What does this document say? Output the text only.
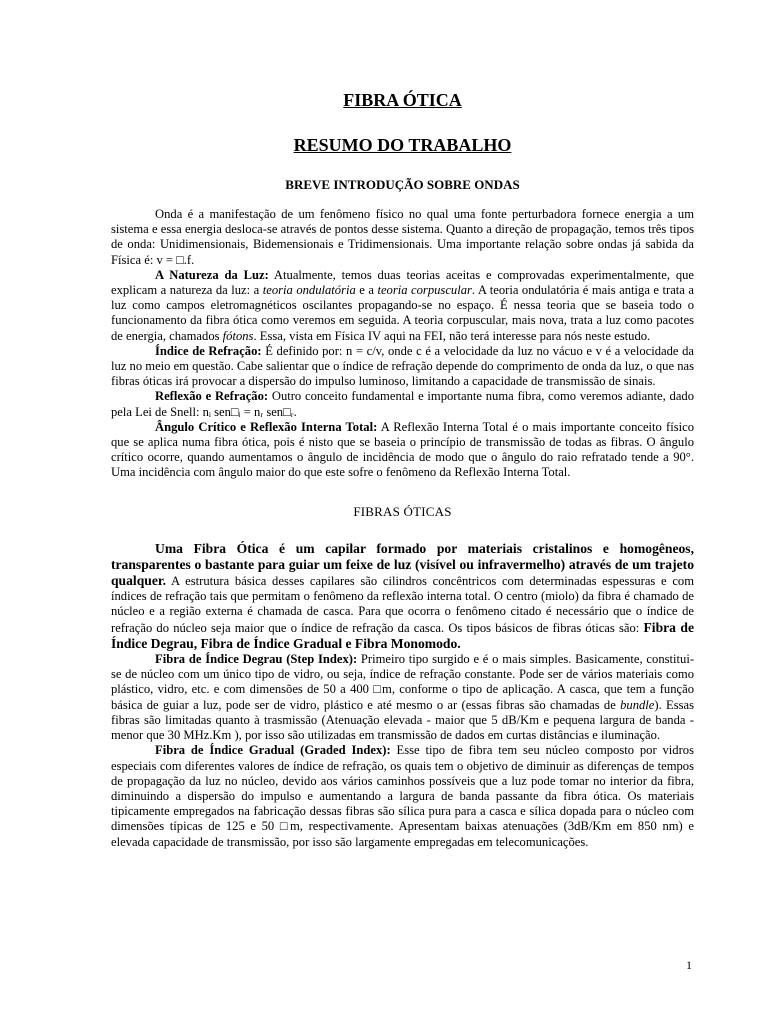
FIBRA ÓTICA
RESUMO DO TRABALHO
BREVE INTRODUÇÃO SOBRE ONDAS

Onda é a manifestação de um fenômeno físico no qual uma fonte perturbadora fornece energia a um sistema e essa energia desloca-se através de pontos desse sistema. Quanto a direção de propagação, temos três tipos de onda: Unidimensionais, Bidemensionais e Tridimensionais. Uma importante relação sobre ondas já sabida da Física é: v = □.f.

A Natureza da Luz: Atualmente, temos duas teorias aceitas e comprovadas experimentalmente, que explicam a natureza da luz: a teoria ondulatória e a teoria corpuscular. A teoria ondulatória é mais antiga e trata a luz como campos eletromagnéticos oscilantes propagando-se no espaço. É nessa teoria que se baseia todo o funcionamento da fibra ótica como veremos em seguida. A teoria corpuscular, mais nova, trata a luz como pacotes de energia, chamados fótons. Essa, vista em Física IV aqui na FEI, não terá interesse para nós neste estudo.

Índice de Refração: É definido por: n = c/v, onde c é a velocidade da luz no vácuo e v é a velocidade da luz no meio em questão. Cabe salientar que o índice de refração depende do comprimento de onda da luz, o que nas fibras óticas irá provocar a dispersão do impulso luminoso, limitando a capacidade de transmissão de sinais.

Reflexão e Refração: Outro conceito fundamental e importante numa fibra, como veremos adiante, dado pela Lei de Snell: nᵢ sen□ᵢ = nᵣ sen□ᵣ.

Ângulo Crítico e Reflexão Interna Total: A Reflexão Interna Total é o mais importante conceito físico que se aplica numa fibra ótica, pois é nisto que se baseia o princípio de transmissão de todas as fibras. O ângulo crítico ocorre, quando aumentamos o ângulo de incidência de modo que o ângulo do raio refratado tende a 90°. Uma incidência com ângulo maior do que este sofre o fenômeno da Reflexão Interna Total.

FIBRAS ÓTICAS

Uma Fibra Ótica é um capilar formado por materiais cristalinos e homogêneos, transparentes o bastante para guiar um feixe de luz (visível ou infravermelho) através de um trajeto qualquer. A estrutura básica desses capilares são cilindros concêntricos com determinadas espessuras e com índices de refração tais que permitam o fenômeno da reflexão interna total. O centro (miolo) da fibra é chamado de núcleo e a região externa é chamada de casca. Para que ocorra o fenômeno citado é necessário que o índice de refração do núcleo seja maior que o índice de refração da casca. Os tipos básicos de fibras óticas são: Fibra de Índice Degrau, Fibra de Índice Gradual e Fibra Monomodo.

Fibra de Índice Degrau (Step Index): Primeiro tipo surgido e é o mais simples. Basicamente, constitui-se de núcleo com um único tipo de vidro, ou seja, índice de refração constante. Pode ser de vários materiais como plástico, vidro, etc. e com dimensões de 50 a 400 □m, conforme o tipo de aplicação. A casca, que tem a função básica de guiar a luz, pode ser de vidro, plástico e até mesmo o ar (essas fibras são chamadas de bundle). Essas fibras são limitadas quanto à trasmissão (Atenuação elevada - maior que 5 dB/Km e pequena largura de banda - menor que 30 MHz.Km ), por isso são utilizadas em transmissão de dados em curtas distâncias e iluminação.

Fibra de Índice Gradual (Graded Index): Esse tipo de fibra tem seu núcleo composto por vidros especiais com diferentes valores de índice de refração, os quais tem o objetivo de diminuir as diferenças de tempos de propagação da luz no núcleo, devido aos vários caminhos possíveis que a luz pode tomar no interior da fibra, diminuindo a dispersão do impulso e aumentando a largura de banda passante da fibra ótica. Os materiais tipicamente empregados na fabricação dessas fibras são sílica pura para a casca e sílica dopada para o núcleo com dimensões típicas de 125 e 50 □m, respectivamente. Apresentam baixas atenuações (3dB/Km em 850 nm) e elevada capacidade de transmissão, por isso são largamente empregadas em telecomunicações.

1
